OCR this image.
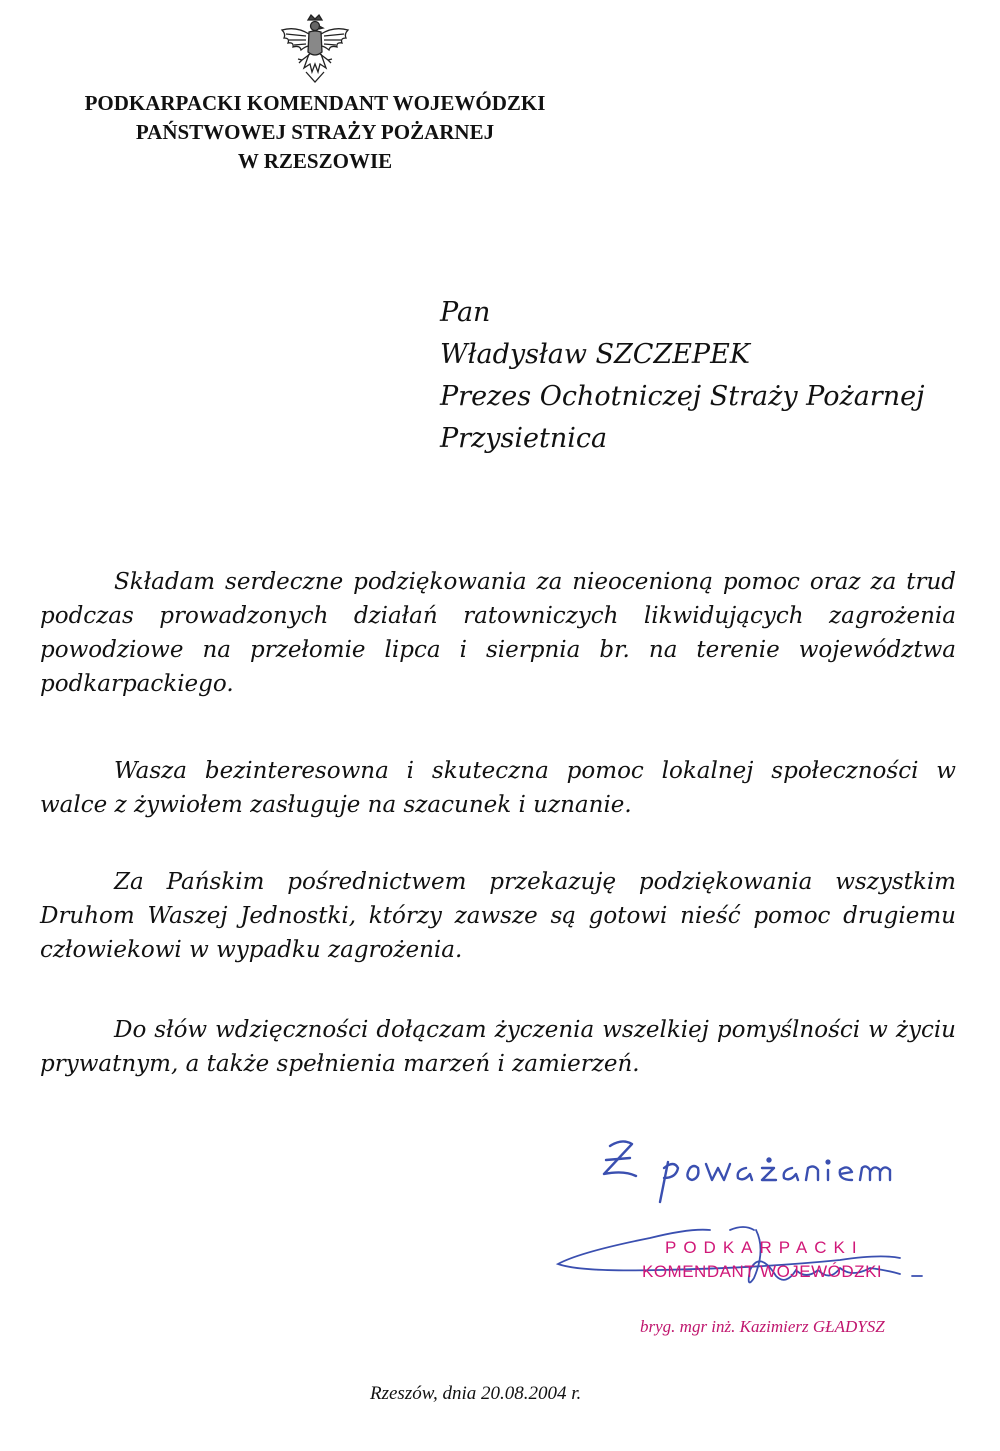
PODKARPACKI KOMENDANT WOJEWÓDZKI
PAŃSTWOWEJ STRAŻY POŻARNEJ
W RZESZOWIE
Pan
Władysław SZCZEPEK
Prezes Ochotniczej Straży Pożarnej
Przysietnica
Składam serdeczne podziękowania za nieocenioną pomoc oraz za trud podczas prowadzonych działań ratowniczych likwidujących zagrożenia powodziowe na przełomie lipca i sierpnia br. na terenie województwa podkarpackiego.
Wasza bezinteresowna i skuteczna pomoc lokalnej społeczności w walce z żywiołem zasługuje na szacunek i uznanie.
Za Pańskim pośrednictwem przekazuję podziękowania wszystkim Druhom Waszej Jednostki, którzy zawsze są gotowi nieść pomoc drugiemu człowiekowi w wypadku zagrożenia.
Do słów wdzięczności dołączam życzenia wszelkiej pomyślności w życiu prywatnym, a także spełnienia marzeń i zamierzeń.
PODKARPACKI
KOMENDANT WOJEWÓDZKI
bryg. mgr inż. Kazimierz GŁADYSZ
Rzeszów, dnia 20.08.2004 r.
